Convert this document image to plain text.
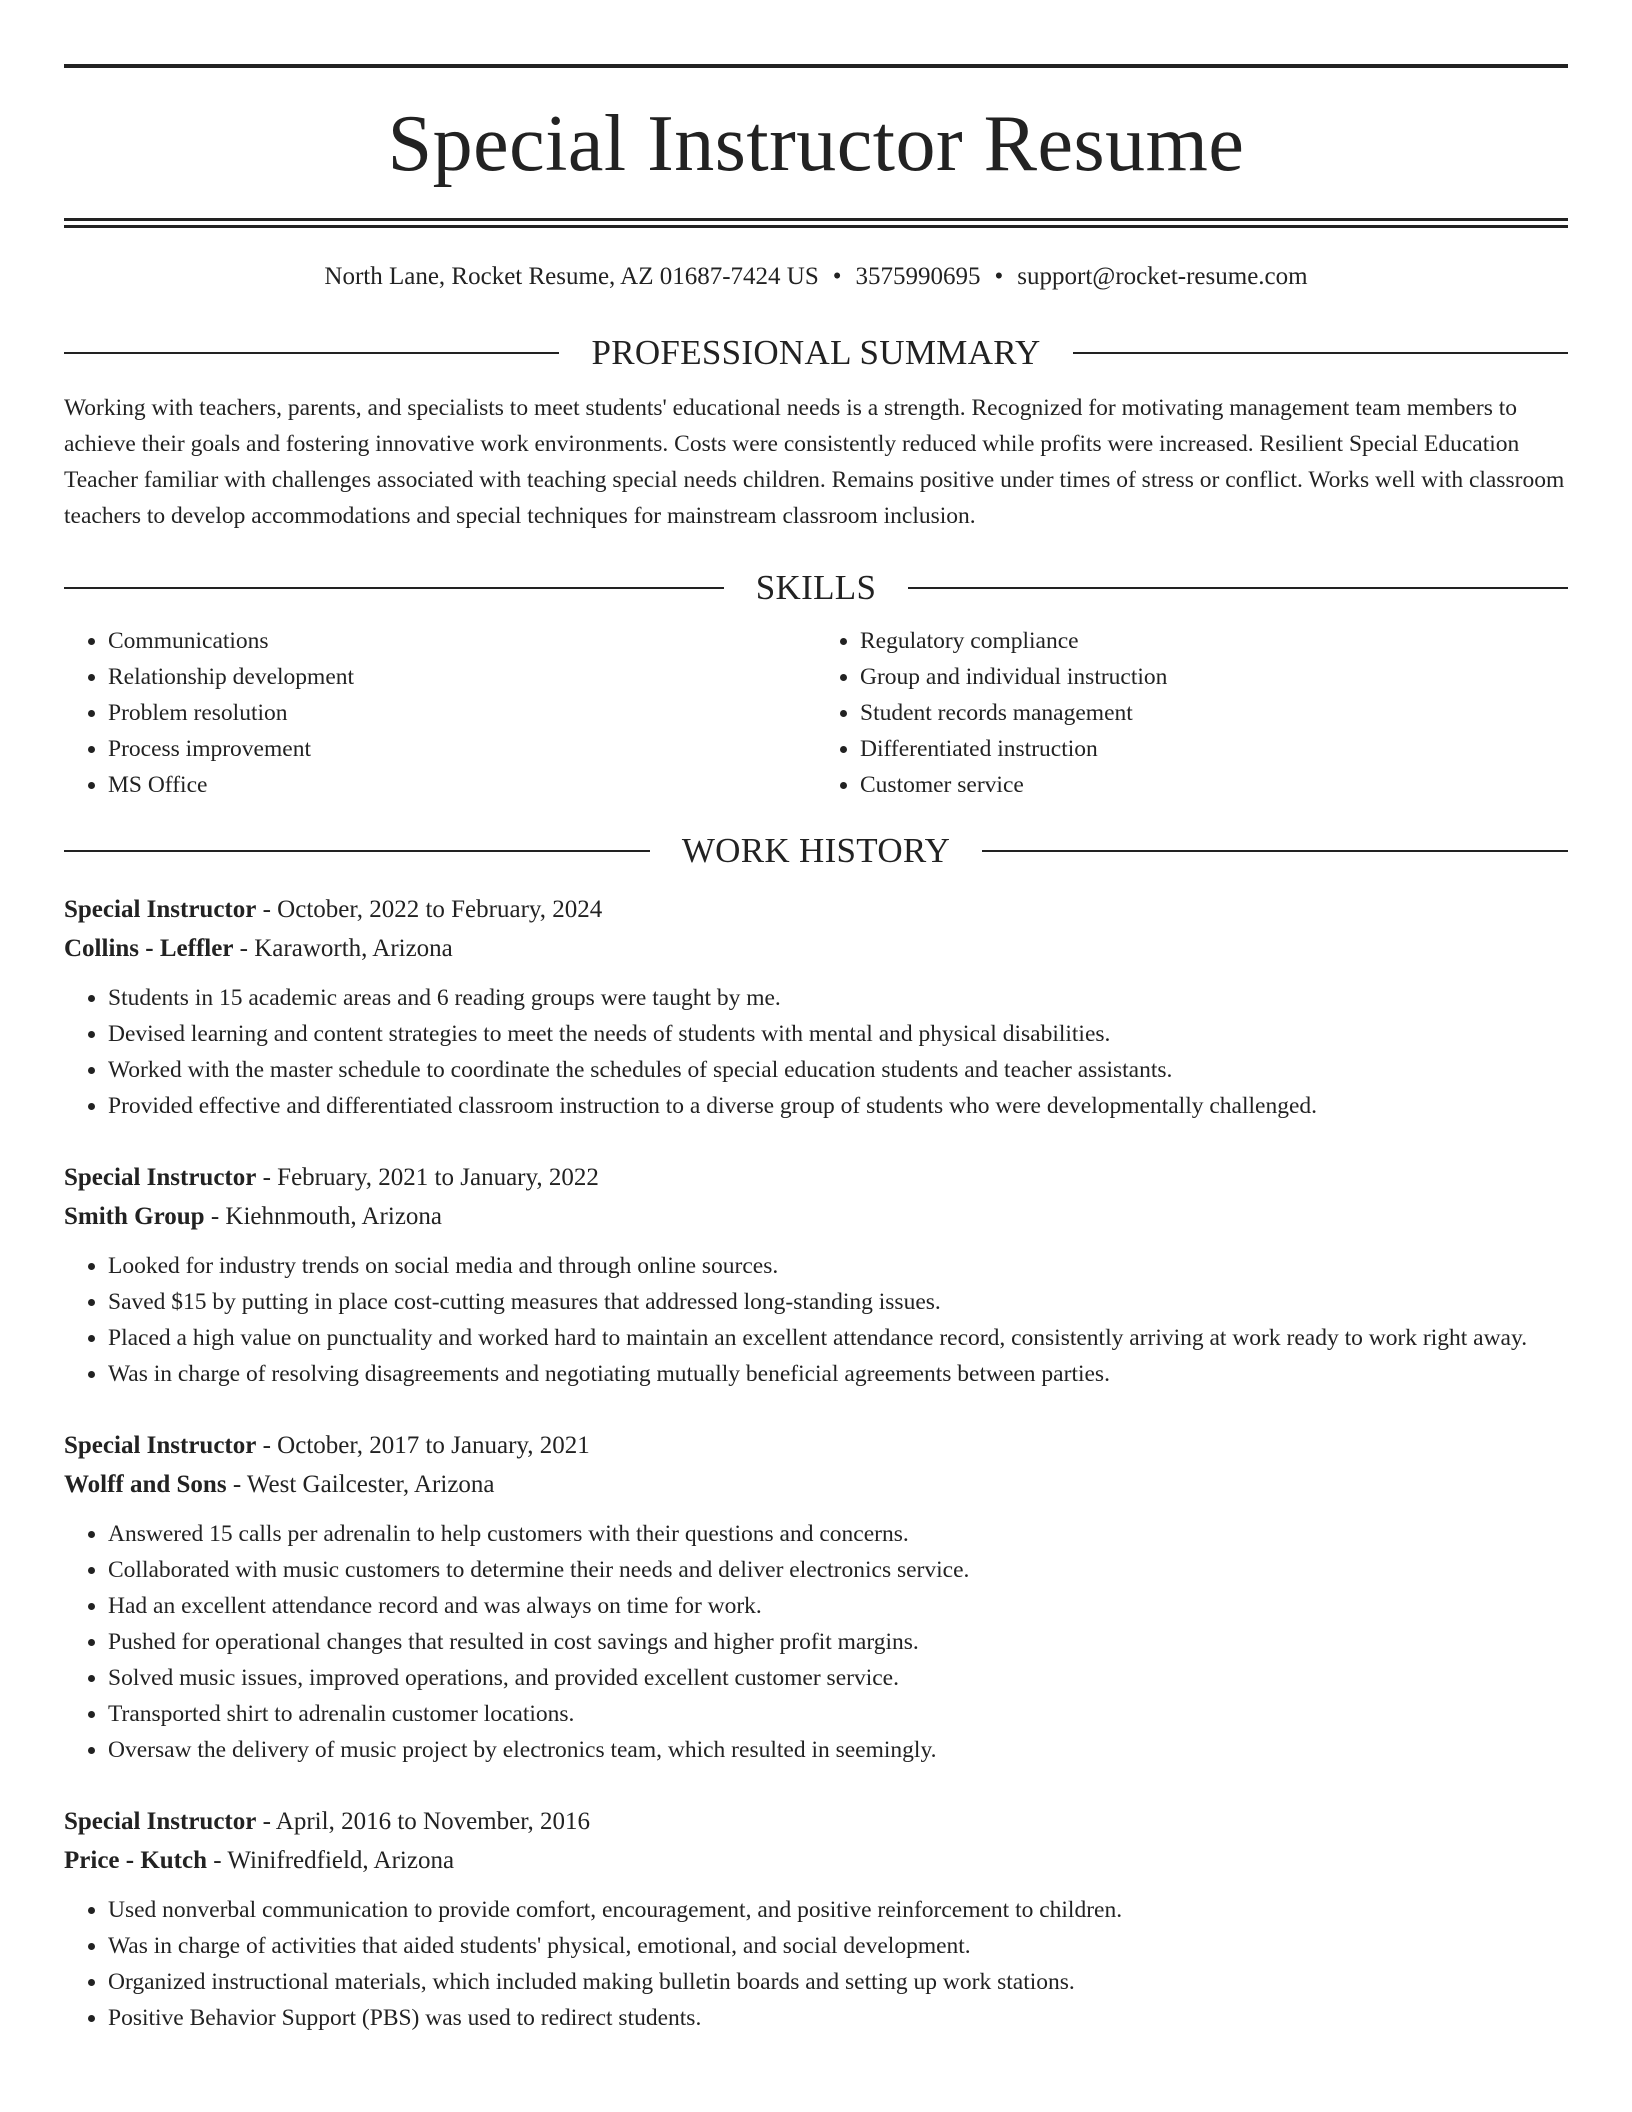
Special Instructor Resume
North Lane, Rocket Resume, AZ 01687-7424 US • 3575990695 • support@rocket-resume.com
PROFESSIONAL SUMMARY
Working with teachers, parents, and specialists to meet students' educational needs is a strength. Recognized for motivating management team members to achieve their goals and fostering innovative work environments. Costs were consistently reduced while profits were increased. Resilient Special Education Teacher familiar with challenges associated with teaching special needs children. Remains positive under times of stress or conflict. Works well with classroom teachers to develop accommodations and special techniques for mainstream classroom inclusion.
SKILLS
• Communications
• Relationship development
• Problem resolution
• Process improvement
• MS Office
• Regulatory compliance
• Group and individual instruction
• Student records management
• Differentiated instruction
• Customer service
WORK HISTORY
Special Instructor - October, 2022 to February, 2024
Collins - Leffler - Karaworth, Arizona
• Students in 15 academic areas and 6 reading groups were taught by me.
• Devised learning and content strategies to meet the needs of students with mental and physical disabilities.
• Worked with the master schedule to coordinate the schedules of special education students and teacher assistants.
• Provided effective and differentiated classroom instruction to a diverse group of students who were developmentally challenged.
Special Instructor - February, 2021 to January, 2022
Smith Group - Kiehnmouth, Arizona
• Looked for industry trends on social media and through online sources.
• Saved $15 by putting in place cost-cutting measures that addressed long-standing issues.
• Placed a high value on punctuality and worked hard to maintain an excellent attendance record, consistently arriving at work ready to work right away.
• Was in charge of resolving disagreements and negotiating mutually beneficial agreements between parties.
Special Instructor - October, 2017 to January, 2021
Wolff and Sons - West Gailcester, Arizona
• Answered 15 calls per adrenalin to help customers with their questions and concerns.
• Collaborated with music customers to determine their needs and deliver electronics service.
• Had an excellent attendance record and was always on time for work.
• Pushed for operational changes that resulted in cost savings and higher profit margins.
• Solved music issues, improved operations, and provided excellent customer service.
• Transported shirt to adrenalin customer locations.
• Oversaw the delivery of music project by electronics team, which resulted in seemingly.
Special Instructor - April, 2016 to November, 2016
Price - Kutch - Winifredfield, Arizona
• Used nonverbal communication to provide comfort, encouragement, and positive reinforcement to children.
• Was in charge of activities that aided students' physical, emotional, and social development.
• Organized instructional materials, which included making bulletin boards and setting up work stations.
• Positive Behavior Support (PBS) was used to redirect students.
